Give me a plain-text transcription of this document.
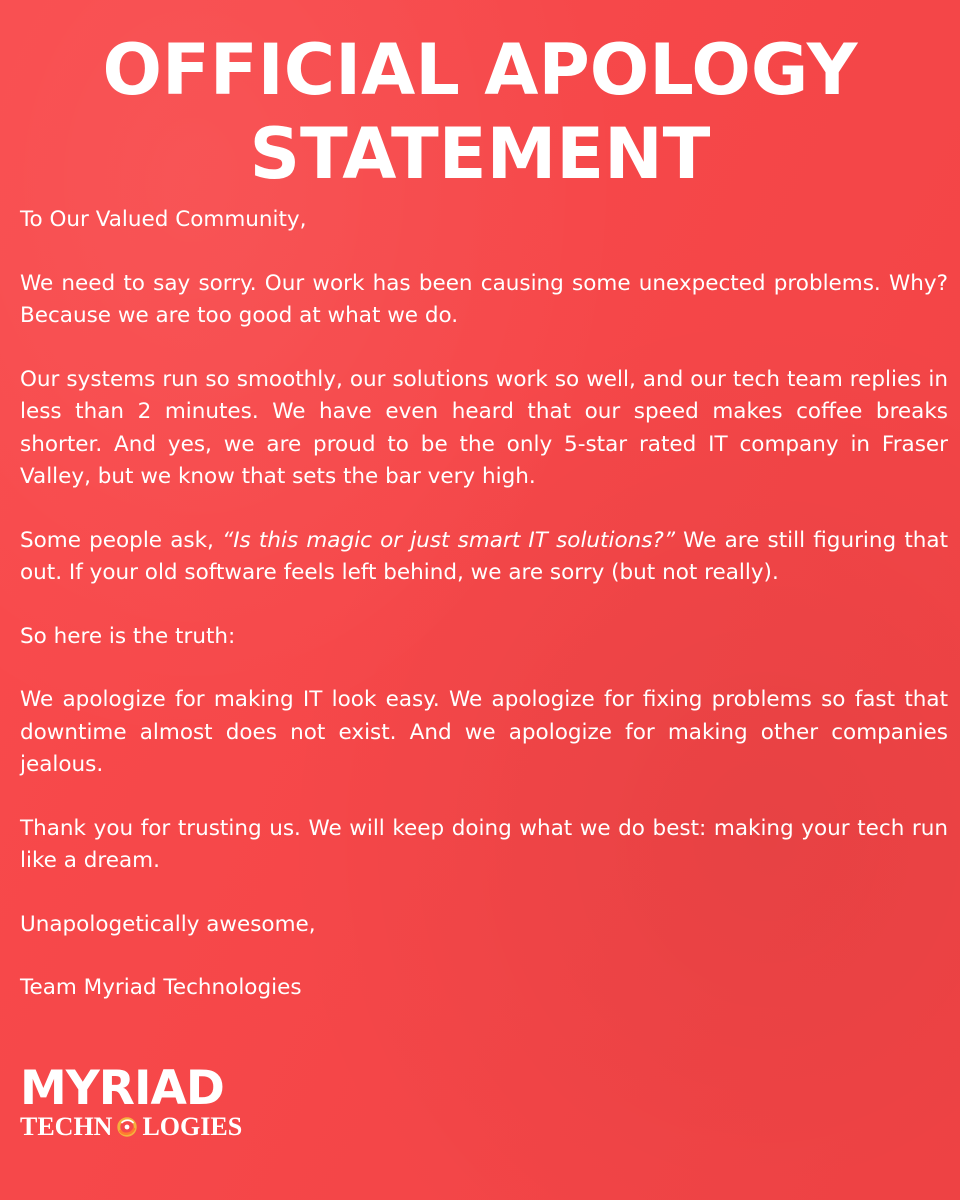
OFFICIAL APOLOGY
STATEMENT

To Our Valued Community,

We need to say sorry. Our work has been causing some unexpected problems. Why? Because we are too good at what we do.

Our systems run so smoothly, our solutions work so well, and our tech team replies in less than 2 minutes. We have even heard that our speed makes coffee breaks shorter. And yes, we are proud to be the only 5-star rated IT company in Fraser Valley, but we know that sets the bar very high.

Some people ask, “Is this magic or just smart IT solutions?” We are still figuring that out. If your old software feels left behind, we are sorry (but not really).

So here is the truth:

We apologize for making IT look easy. We apologize for fixing problems so fast that downtime almost does not exist. And we apologize for making other companies jealous.

Thank you for trusting us. We will keep doing what we do best: making your tech run like a dream.

Unapologetically awesome,

Team Myriad Technologies

MYRIAD
TECHN LOGIES
